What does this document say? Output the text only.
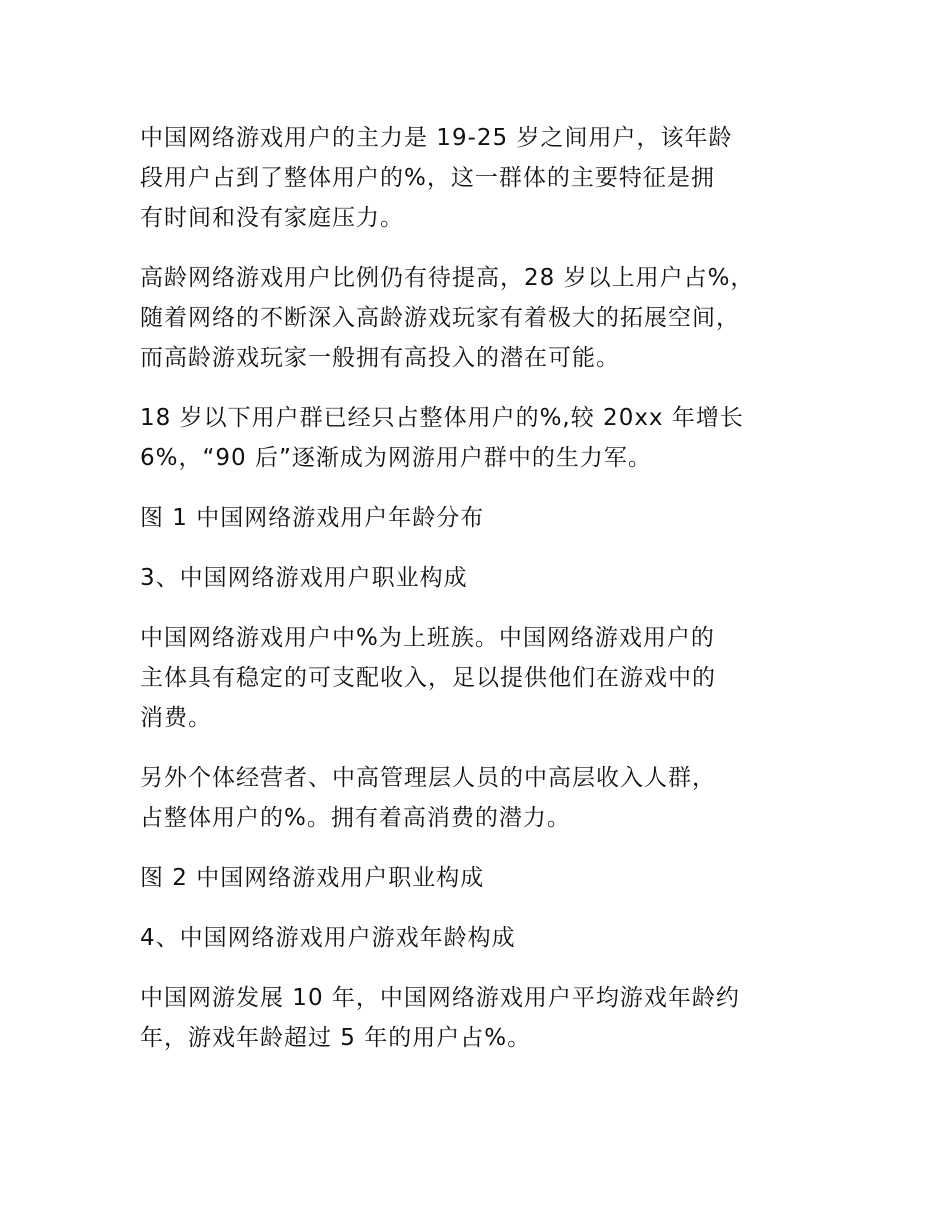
中国网络游戏用户的主力是 19-25 岁之间用户，该年龄
段用户占到了整体用户的%，这一群体的主要特征是拥
有时间和没有家庭压力。

高龄网络游戏用户比例仍有待提高，28 岁以上用户占%，
随着网络的不断深入高龄游戏玩家有着极大的拓展空间，
而高龄游戏玩家一般拥有高投入的潜在可能。

18 岁以下用户群已经只占整体用户的%,较 20xx 年增长
6%，“90 后”逐渐成为网游用户群中的生力军。

图 1 中国网络游戏用户年龄分布

3、中国网络游戏用户职业构成

中国网络游戏用户中%为上班族。中国网络游戏用户的
主体具有稳定的可支配收入，足以提供他们在游戏中的
消费。

另外个体经营者、中高管理层人员的中高层收入人群，
占整体用户的%。拥有着高消费的潜力。

图 2 中国网络游戏用户职业构成

4、中国网络游戏用户游戏年龄构成

中国网游发展 10 年，中国网络游戏用户平均游戏年龄约
年，游戏年龄超过 5 年的用户占%。
